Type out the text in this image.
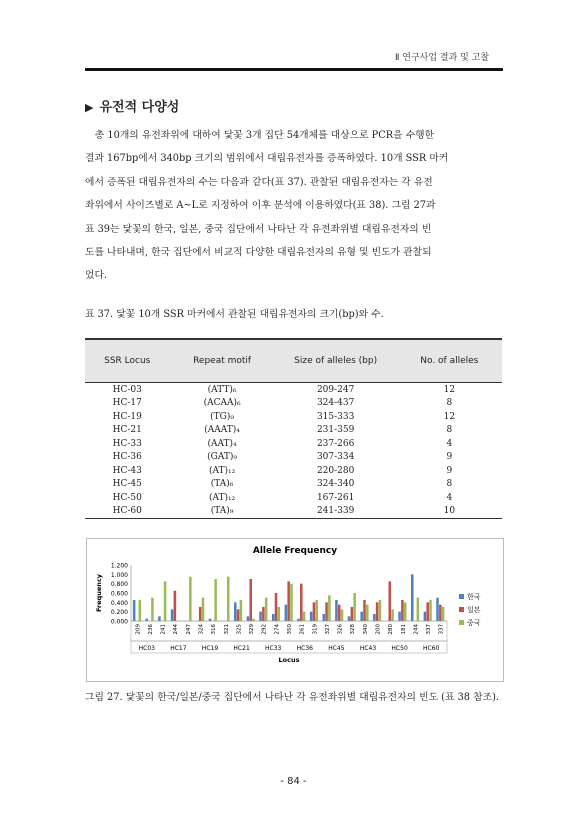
Ⅱ 연구사업 결과 및 고찰
▶ 유전적 다양성
　총 10개의 유전좌위에 대하여 닻꽃 3개 집단 54개체를 대상으로 PCR을 수행한
결과 167bp에서 340bp 크기의 범위에서 대립유전자를 증폭하였다. 10개 SSR 마커
에서 증폭된 대립유전자의 수는 다음과 같다(표 37). 관찰된 대립유전자는 각 유전
좌위에서 사이즈별로 A~L로 지정하여 이후 분석에 이용하였다(표 38). 그림 27과
표 39는 닻꽃의 한국, 일본, 중국 집단에서 나타난 각 유전좌위별 대립유전자의 빈
도를 나타내며, 한국 집단에서 비교적 다양한 대립유전자의 유형 및 빈도가 관찰되
었다.
표 37. 닻꽃 10개 SSR 마커에서 관찰된 대립유전자의 크기(bp)와 수.
SSR Locus	Repeat motif	Size of alleles (bp)	No. of alleles
HC-03	(ATT)₆	209-247	12
HC-17	(ACAA)₆	324-437	8
HC-19	(TG)₉	315-333	12
HC-21	(AAAT)₄	231-359	8
HC-33	(AAT)₄	237-266	4
HC-36	(GAT)₉	307-334	9
HC-43	(AT)₁₂	220-280	9
HC-45	(TA)₆	324-340	8
HC-50	(AT)₁₂	167-261	4
HC-60	(TA)₉	241-339	10
Allele Frequency
0.000
0.200
0.400
0.600
0.800
1.000
1.200
Frequency
209 236 241 244 247 324 316 321 325 329 292 274 350 261 319 327 326 328 340 200 280 181 244 337 337
HC03	HC17	HC19	HC21	HC33	HC36	HC45	HC43	HC50	HC60
Locus
한국
일본
중국
그림 27. 닻꽃의 한국/일본/중국 집단에서 나타난 각 유전좌위별 대립유전자의 빈도 (표 38 참조).
- 84 -
